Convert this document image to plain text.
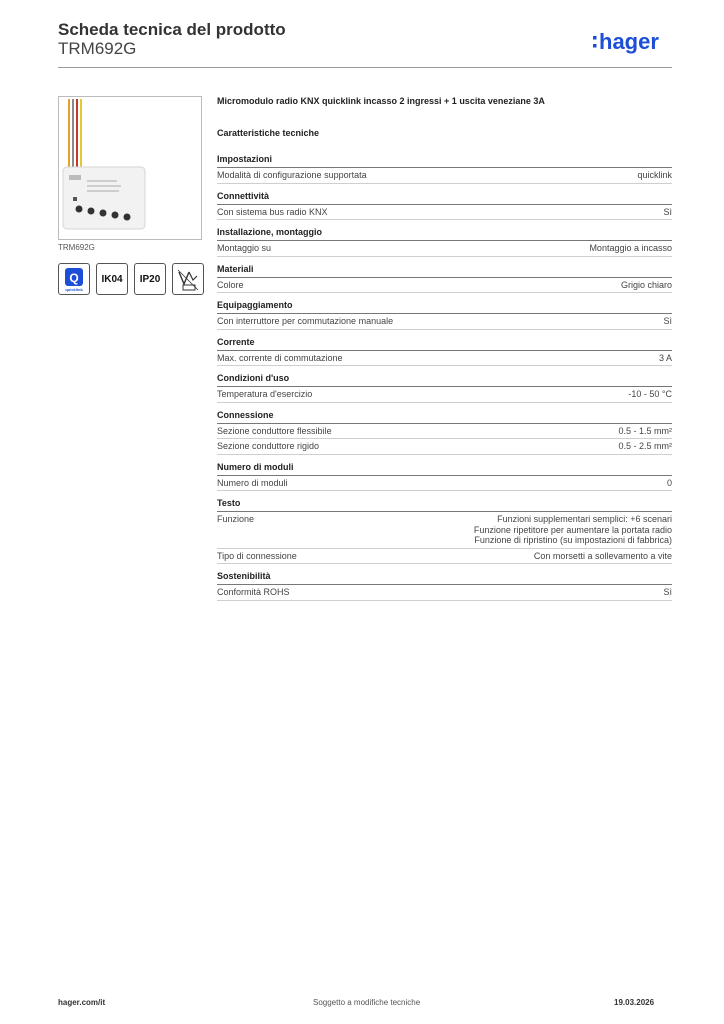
Scheda tecnica del prodotto
TRM692G	hager
TRM692G
Q
quicklink
IK04	IP20
Micromodulo radio KNX quicklink incasso 2 ingressi + 1 uscita veneziane 3A
Caratteristiche tecniche
Impostazioni
Modalità di configurazione supportata	quicklink
Connettività
Con sistema bus radio KNX	Sì
Installazione, montaggio
Montaggio su	Montaggio a incasso
Materiali
Colore	Grigio chiaro
Equipaggiamento
Con interruttore per commutazione manuale	Sì
Corrente
Max. corrente di commutazione	3 A
Condizioni d'uso
Temperatura d'esercizio	-10 - 50 °C
Connessione
Sezione conduttore flessibile	0.5 - 1.5 mm²
Sezione conduttore rigido	0.5 - 2.5 mm²
Numero di moduli
Numero di moduli	0
Testo
Funzione	Funzioni supplementari semplici: +6 scenari
Funzione ripetitore per aumentare la portata radio
Funzione di ripristino (su impostazioni di fabbrica)
Tipo di connessione	Con morsetti a sollevamento a vite
Sostenibilità
Conformità ROHS	Sì
hager.com/it	Soggetto a modifiche tecniche	19.03.2026
